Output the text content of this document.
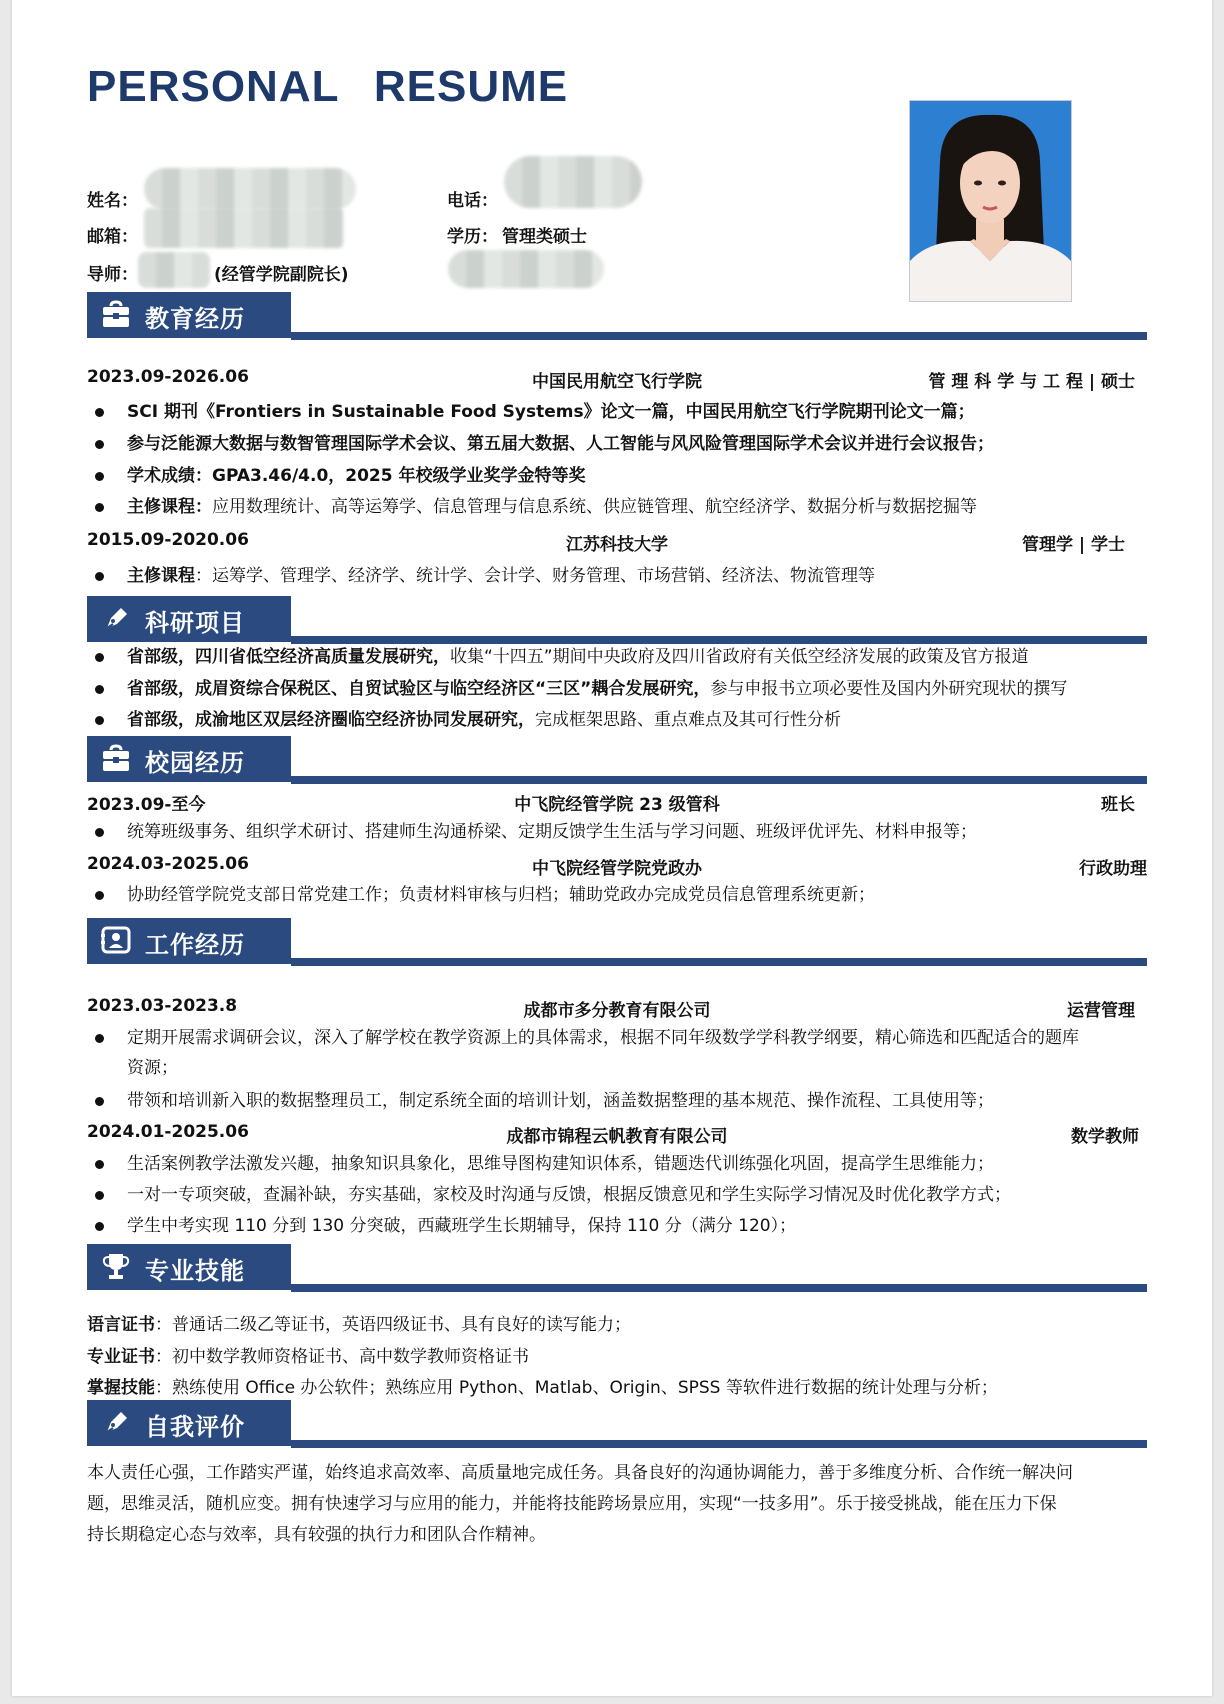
PERSONAL RESUME
姓名：
邮箱：
导师：	(经管学院副院长)
电话：
学历： 管理类硕士
教育经历
2023.09-2026.06	中国民用航空飞行学院	管 理 科 学 与 工 程 | 硕士
SCI 期刊《Frontiers in Sustainable Food Systems》论文一篇，中国民用航空飞行学院期刊论文一篇；
参与泛能源大数据与数智管理国际学术会议、第五届大数据、人工智能与风风险管理国际学术会议并进行会议报告；
学术成绩：GPA3.46/4.0，2025 年校级学业奖学金特等奖
主修课程：应用数理统计、高等运筹学、信息管理与信息系统、供应链管理、航空经济学、数据分析与数据挖掘等
2015.09-2020.06	江苏科技大学	管理学 | 学士
主修课程：运筹学、管理学、经济学、统计学、会计学、财务管理、市场营销、经济法、物流管理等
科研项目
省部级，四川省低空经济高质量发展研究，收集“十四五”期间中央政府及四川省政府有关低空经济发展的政策及官方报道
省部级，成眉资综合保税区、自贸试验区与临空经济区“三区”耦合发展研究，参与申报书立项必要性及国内外研究现状的撰写
省部级，成渝地区双层经济圈临空经济协同发展研究，完成框架思路、重点难点及其可行性分析
校园经历
2023.09-至今	中飞院经管学院 23 级管科	班长
统筹班级事务、组织学术研讨、搭建师生沟通桥梁、定期反馈学生生活与学习问题、班级评优评先、材料申报等；
2024.03-2025.06	中飞院经管学院党政办	行政助理
协助经管学院党支部日常党建工作；负责材料审核与归档；辅助党政办完成党员信息管理系统更新；
工作经历
2023.03-2023.8	成都市多分教育有限公司	运营管理
定期开展需求调研会议，深入了解学校在教学资源上的具体需求，根据不同年级数学学科教学纲要，精心筛选和匹配适合的题库
资源；
带领和培训新入职的数据整理员工，制定系统全面的培训计划，涵盖数据整理的基本规范、操作流程、工具使用等；
2024.01-2025.06	成都市锦程云帆教育有限公司	数学教师
生活案例教学法激发兴趣，抽象知识具象化，思维导图构建知识体系，错题迭代训练强化巩固，提高学生思维能力；
一对一专项突破，查漏补缺，夯实基础，家校及时沟通与反馈，根据反馈意见和学生实际学习情况及时优化教学方式；
学生中考实现 110 分到 130 分突破，西藏班学生长期辅导，保持 110 分（满分 120）；
专业技能
语言证书：普通话二级乙等证书，英语四级证书、具有良好的读写能力；
专业证书：初中数学教师资格证书、高中数学教师资格证书
掌握技能：熟练使用 Office 办公软件；熟练应用 Python、Matlab、Origin、SPSS 等软件进行数据的统计处理与分析；
自我评价
本人责任心强，工作踏实严谨，始终追求高效率、高质量地完成任务。具备良好的沟通协调能力，善于多维度分析、合作统一解决问
题，思维灵活，随机应变。拥有快速学习与应用的能力，并能将技能跨场景应用，实现“一技多用”。乐于接受挑战，能在压力下保
持长期稳定心态与效率，具有较强的执行力和团队合作精神。
